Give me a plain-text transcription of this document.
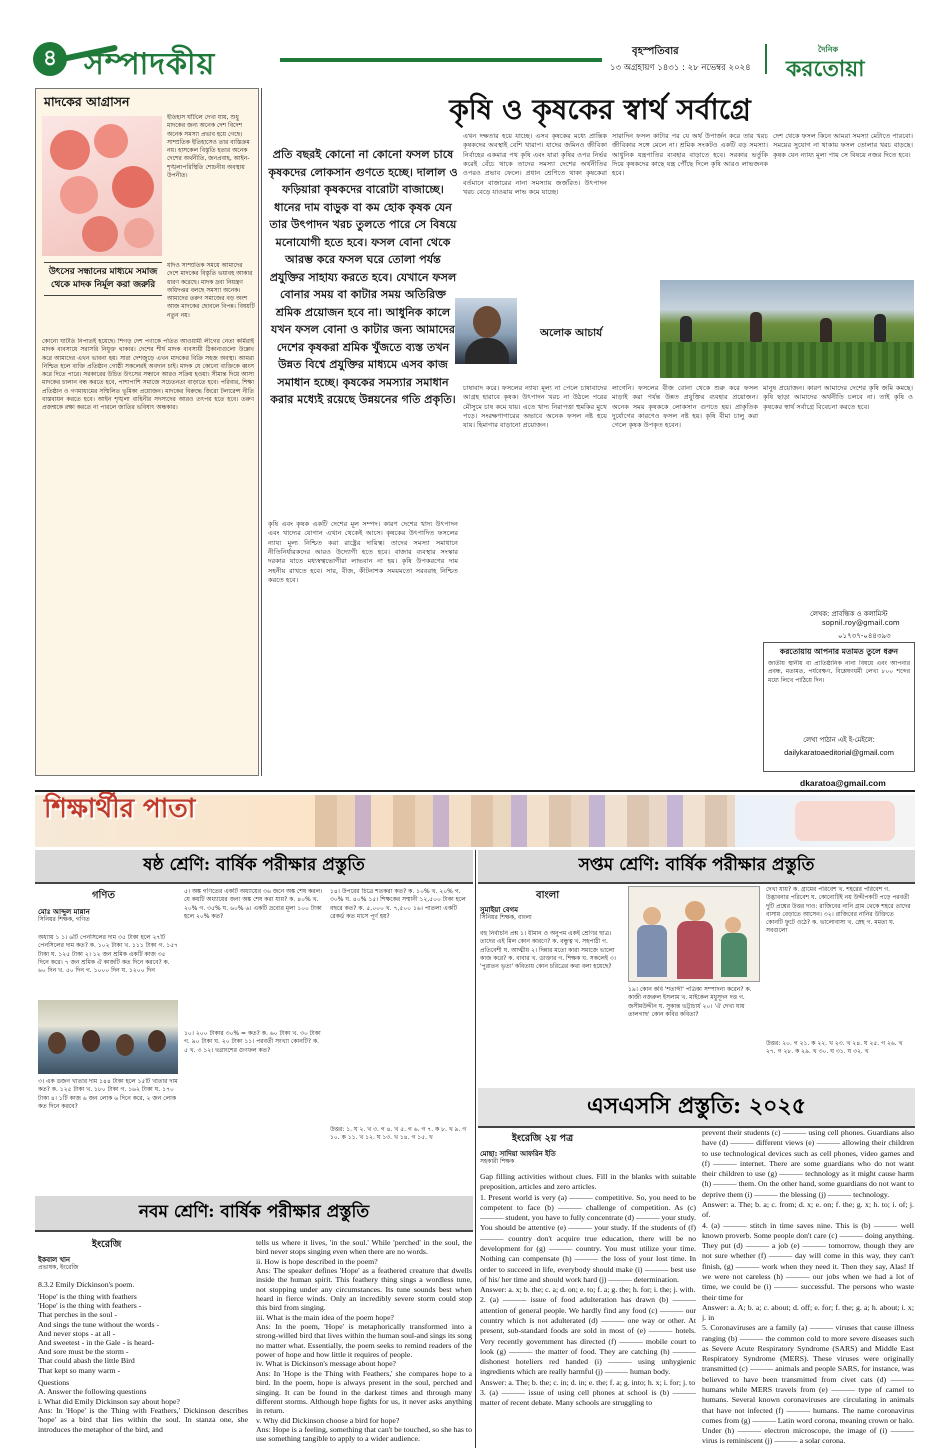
৪ সম্পাদকীয়	বৃহস্পতিবার
১৩ অগ্রহায়ণ ১৪৩১ : ২৮ নভেম্বর ২০২৪
দৈনিক
করতোয়া
মাদকের আগ্রাসন
ইতিহাস ঘাঁটলে দেখা যায়, শুধু মাদকের জন্য অনেক দেশ বিদেশ অনেক সমস্যা প্রভাব হয়ে গেছে। সাম্প্রতিক ইতিহাসেও তার বাস্তিক্রম নয়। হাসকেল বিস্তৃতি হতার অনেক দেশের অর্থনীতি, জনপ্রবাহ, আইন-শৃঙ্খলাপরিস্থিতি শোচনীয় অবস্থায় উপনীত।
উৎসের সন্ধানের মাধ্যমে সমাজ থেকে মাদক নির্মূল করা জরুরি
যদিও সাম্প্রতিক সময়ে আমাদের দেশে মাদকের বিস্তৃতি ভয়াবহ আকার ধারণ করেছে। মাদক দ্রব্য নিয়ন্ত্রণ অধিদপ্তর বলছে সমস্যা অনেক। আমাদের তরুণ সমাজের বড় অংশ আজ মাদকের ছোবলে বিপন্ন। বিষয়টি নতুন নয়।
কোনো ঘাটতি নিপাতই হয়েছে। শিগড় দেশ পণ্যকে পতিত আওয়ামী লীগের নেতা কর্মিরাই মাদক ব্যবসায়ে সরাসরি নিযুক্ত থাকার। দেশের শীর্ষ মাদক ব্যবসায়ী ঠিকানাগুলো উল্লেখ করে আমাদের এখন ভাবনা হয়। সারা দেশজুড়ে এখন মাদকের বিক্রি সহজ অবস্থা। আমরা নিশ্চিত হলে ব্যক্তি প্রতিষ্ঠান গোষ্ঠী সকলেরই অবদান চাই। মাদক যে কোনো ব্যক্তিকে ধ্বংস করে দিতে পারে। সরকারের উচিত উৎসের সন্ধানে আরও সক্রিয় হওয়া। সীমান্ত দিয়ে আসা মাদকের চালান বন্ধ করতে হবে, পাশাপাশি সমাজে সচেতনতা বাড়াতে হবে। পরিবার, শিক্ষা প্রতিষ্ঠান ও গণমাধ্যমের সম্মিলিত ভূমিকা প্রয়োজন। মাদকের বিরুদ্ধে জিরো টলারেন্স নীতি বাস্তবায়ন করতে হবে। আইন শৃঙ্খলা বাহিনীর সদস্যদের আরও তৎপর হতে হবে। তরুণ প্রজন্মকে রক্ষা করতে না পারলে জাতির ভবিষ্যৎ অন্ধকার।
কৃষি ও কৃষকের স্বার্থ সর্বাগ্রে
প্রতি বছরই কোনো না কোনো ফসল চাষে কৃষকদের লোকসান গুণতে হচ্ছে। দালাল ও ফড়িয়ারা কৃষকদের বারোটা বাজাচ্ছে। ধানের দাম বাড়ুক বা কম হোক কৃষক যেন তার উৎপাদন খরচ তুলতে পারে সে বিষয়ে মনোযোগী হতে হবে। ফসল বোনা থেকে আরম্ভ করে ফসল ঘরে তোলা পর্যন্ত প্রযুক্তির সাহায্য করতে হবে। যেখানে ফসল বোনার সময় বা কাটার সময় অতিরিক্ত শ্রমিক প্রয়োজন হবে না। আধুনিক কালে যখন ফসল বোনা ও কাটার জন্য আমাদের দেশের কৃষকরা শ্রমিক খুঁজতে ব্যস্ত তখন উন্নত বিশ্বে প্রযুক্তির মাধ্যমে এসব কাজ সমাধান হচ্ছে। কৃষকের সমস্যার সমাধান করার মধ্যেই রয়েছে উন্নয়নের গতি প্রকৃতি।
এখন দক্ষতার হয়ে যাচ্ছে। এসব কৃষকের মধ্যে প্রান্তিক কৃষকদের অবস্থাই বেশি খারাপ। যাদের জমিনও জীবিকা নির্বাহের একমাত্র পথ কৃষি এবং যারা কৃষির ওপর নির্ভর করেই বেঁচে থাকে তাদের সমস্যা দেশের অর্থনীতির ওপরও প্রভাব ফেলে। প্রধান শ্রেণিতে থাকা কৃষকেরা বর্তমানে বাজারের নানা সমস্যায় জর্জরিত। উৎপাদন খরচ বেড়ে যাওয়ায় লাভ কমে যাচ্ছে।
সারাদিন ফসল কাটার পর যে অর্থ উপার্জন করে তার খরচ জীবিকার সঙ্গে মেলে না। শ্রমিক সংকটও একটি বড় সমস্যা। আধুনিক যন্ত্রপাতির ব্যবহার বাড়াতে হবে। সরকার ভর্তুকি দিয়ে কৃষকদের কাছে যন্ত্র পৌঁছে দিলে কৃষি আরও লাভজনক হবে।
দেশ থেকে ফসল কিনে আমরা সমস্যা মেটাতে পারবো। সময়ের সুযোগ না থাকায় ফসল তোলার খরচ বাড়ছে। কৃষক যেন ন্যায্য মূল্য পায় সে বিষয়ে নজর দিতে হবে।
অলোক আচার্য
কৃষি এবং কৃষক একটি দেশের মূল সম্পদ। কারণ দেশের খাদ্য উৎপাদন এবং খাদ্যের যোগান এখান থেকেই আসে। কৃষকের উৎপাদিত ফসলের ন্যায্য মূল্য নিশ্চিত করা রাষ্ট্রের দায়িত্ব। তাদের সমস্যা সমাধানে নীতিনির্ধারকদের আরও উদ্যোগী হতে হবে। বাজার ব্যবস্থার সংস্কার দরকার যাতে মধ্যস্বত্বভোগীরা লাভবান না হয়। কৃষি উপকরণের দাম সহনীয় রাখতে হবে। সার, বীজ, কীটনাশক সময়মতো সরবরাহ নিশ্চিত করতে হবে।
চাষাবাদ করে। ফসলের ন্যায্য মূল্য না পেলে চাষাবাদের আগ্রহ হারাবে কৃষক। উৎপাদন খরচ না উঠলে পরের মৌসুমে চাষ কমে যায়। এতে খাদ্য নিরাপত্তা হুমকির মুখে পড়ে। সংরক্ষণাগারের অভাবে অনেক ফসল নষ্ট হয়ে যায়। হিমাগার বাড়ানো প্রয়োজন।
লাগেনি। ফসলের বীজ বোনা থেকে শুরু করে ফসল মাড়াই করা পর্যন্ত উন্নত প্রযুক্তির ব্যবহার প্রয়োজন। অনেক সময় কৃষককে লোকসান গুণতে হয়। প্রাকৃতিক দুর্যোগের কারণেও ফসল নষ্ট হয়। কৃষি বীমা চালু করা গেলে কৃষক উপকৃত হবেন।
মানুষ প্রয়োজন। কারণ আমাদের দেশের কৃষি জমি কমছে। কৃষি ছাড়া আমাদের অর্থনীতি চলবে না। তাই কৃষি ও কৃষকের স্বার্থ সর্বাগ্রে বিবেচনা করতে হবে।
লেখক: প্রাবন্ধিক ও কলামিস্ট
sopnil.roy@gmail.com
০১৭৩৭-০৪৪৩৯৩
করতোয়ায় আপনার মতামত তুলে ধরুন
জাতীয় স্থানীয় বা প্রাতিষ্ঠানিক নানা বিষয়ে এবং আপনার প্রবন্ধ, মতামত, পর্যবেক্ষণ, বিশ্লেষণধর্মী লেখা ৮০০ শব্দের মধ্যে লিখে পাঠিয়ে দিন।
লেখা পাঠান এই ই-মেইলে:
dailykaratoaeditorial@gmail.com
dkaratoa@gmail.com
শিক্ষার্থীর পাতা
ষষ্ঠ শ্রেণি: বার্ষিক পরীক্ষার প্রস্তুতি
গণিত
মোঃ আব্দুল মান্নান
সিনিয়র শিক্ষক, গণিত
অধ্যায় ১ ১। ৬টি পেনসিলের দাম ৩৫ টাকা হলে ২৭টি পেনসিলের দাম কত? ক. ১০২ টাকা খ. ১১১ টাকা গ. ১৫৭ টাকা ঘ. ১২৫ টাকা ২। ১২ জন শ্রমিক একটি কাজ ৩৫ দিনে করে। ৭ জন শ্রমিক ঐ কাজটি কত দিনে করবে? ক. ৬০ দিন খ. ৫০ দিন গ. ১০০০ দিন ঘ. ১২০০ দিন
৩। এক ডজন খাতার দাম ১৪৪ টাকা হলে ১৫টি খাতার দাম কত? ক. ১২৫ টাকা খ. ১৮০ টাকা গ. ১৬২ টাকা ঘ. ১৭০ টাকা ৪। ১টি কাজ ৬ জন লোক ৬ দিনে করে, ২ জন লোক কত দিনে করবে?
৫। অঙ্ক গণিতের একটি অধ্যায়ের ৩৬ জনে অঙ্ক শেষ করল। যে কয়টি অধ্যায়ের জন্য অঙ্ক শেষ করা যায়? ক. ৪০% খ. ২০% গ. ৩৫% ঘ. ৬০% ৬। একটি দ্রব্যের মূল্য ১০০ টাকা হলে ২০% কত?
১০। ২০০ টাকার ৩০% = কত? ক. ৬০ টাকা খ. ৩০ টাকা গ. ৯০ টাকা ঘ. ২০ টাকা ১১। পরবর্তী সংখ্যা কোনটি? ক. ৫ খ. ৩ ১২। ভগ্নাংশের গুণফল কত?
১৪। উপরের চিত্রে শতকরা কত? ক. ১০% খ. ২০% গ. ৩০% ঘ. ৪০% ১৫। শিক্ষকের সম্মানী ১২,৫০০ টাকা হলে বছরে কত? ক. ৫,০০০ খ. ৭,৫০০ ১৬। পাতলা একটি রেকর্ড কত মাসে পূর্ণ হয়?
উত্তর: ১. ঘ ২. খ ৩. গ ৪. খ ৫. গ ৬. গ ৭. ক ৮. খ ৯. গ ১০. ক ১১. খ ১২. ঘ ১৩. খ ১৪. গ ১৫. খ
সপ্তম শ্রেণি: বার্ষিক পরীক্ষার প্রস্তুতি
বাংলা
সুমাইয়া বেগম
সিনিয়র শিক্ষক, বাংলা
বহু নির্বাচনি প্রশ্ন ১। ধীমান ও অনুপম একই শ্রেণির ছাত্র। তাদের এই মিল কোন কারণে? ক. বন্ধুত্ব খ. সহপাঠী গ. প্রতিবেশী ঘ. আত্মীয় ২। দিন্নার মতো কারা সমাজে ভালো কাজ করে? ক. বাবার খ. ডাক্তার গ. শিক্ষক ঘ. সকলেই ৩। 'পুরাতন ভৃত্য' কবিতায় কোন চরিত্রের কথা বলা হয়েছে?
১৯। কোন কবি 'শতাব্দী' পত্রিকা সম্পাদনা করেন? ক. কাজী নজরুল ইসলাম খ. মাইকেল মধুসূদন দত্ত গ. জসীমউদ্দীন ঘ. সুকান্ত ভট্টাচার্য ২০। 'ঐ দেখা যায় তালগাছ' কোন কবির কবিতা?
দেখা যায়? ক. গ্রামের পরিবেশ খ. শহরের পরিবেশ গ. উদ্ভাবনার পরিবেশ ঘ. কোনোটিই নয় উদ্দীপকটি পড়ে পরবর্তী দুটি প্রশ্নের উত্তর দাও: রাজিবের নানি গ্রাম থেকে শহরে তাদের বাসায় বেড়াতে আসেন। ৩২। রাজিবের নানির উক্তিতে কোনটি ফুটে ওঠে? ক. ভালোবাসা খ. স্নেহ গ. মমতা ঘ. সবগুলো
উত্তর: ২০. গ ২১. ক ২২. খ ২৩. খ ২৪. ঘ ২৫. গ ২৬. খ ২৭. গ ২৮. ক ২৯. খ ৩০. ঘ ৩১. ঘ ৩২. খ
এসএসসি প্রস্তুতি: ২০২৫
ইংরেজি ২য় পত্র
মোছা: সাদিয়া আফরিন ইতি
সহকারী শিক্ষক
Gap filling activities without clues. Fill in the blanks with suitable preposition, articles and zero articles.
1. Present world is very (a) ——— competitive. So, you need to be competent to face (b) ——— challenge of competition. As (c) ——— student, you have to fully concentrate (d) ——— your study. You should be attentive (e) ——— your study. If the students of (f) ——— country don't acquire true education, there will be no development for (g) ——— country. You must utilize your time. Nothing can compensate (h) ——— the loss of your lost time. In order to succeed in life, everybody should make (i) ——— best use of his/ her time and should work hard (j) ——— determination.
Answer: a. x; b. the; c. a; d. on; e. to; f. a; g. the; h. for; i. the; j. with.
2. (a) ——— issue of food adulteration has drawn (b) ——— attention of general people. We hardly find any food (c) ——— our country which is not adulterated (d) ——— one way or other. At present, sub-standard foods are sold in most of (e) ——— hotels. Very recently government has directed (f) ——— mobile court to look (g) ——— the matter of food. They are catching (h) ——— dishonest hoteliers red handed (i) ——— using unhygienic ingredients which are really harmful (j) ——— human body.
Answer: a. The; b. the; c. in; d. in; e. the; f. a; g. into; h. x; i. for; j. to
3. (a) ——— issue of using cell phones at school is (b) ——— matter of recent debate. Many schools are struggling to
prevent their students (c) ——— using cell phones. Guardians also have (d) ——— different views (e) ——— allowing their children to use technological devices such as cell phones, video games and (f) ——— internet. There are some guardians who do not want their children to use (g) ——— technology as it might cause harm (h) ——— them. On the other hand, some guardians do not want to deprive them (i) ——— the blessing (j) ——— technology.
Answer: a. The; b. a; c. from; d. x; e. on; f. the; g. x; h. to; i. of; j. of.
4. (a) ——— stitch in time saves nine. This is (b) ——— well known proverb. Some people don't care (c) ——— doing anything. They put (d) ——— a job (e) ——— tomorrow, though they are not sure whether (f) ——— day will come in this way, they can't finish, (g) ——— work when they need it. Then they say, Alas! If we were not careless (h) ——— our jobs when we had a lot of time, we could be (i) ——— successful. The persons who waste their time for
Answer: a. A; b. a; c. about; d. off; e. for; f. the; g. a; h. about; i. x; j. in
5. Coronaviruses are a family (a) ——— viruses that cause illness ranging (b) ——— the common cold to more severe diseases such as Severe Acute Respiratory Syndrome (SARS) and Middle East Respiratory Syndrome (MERS). These viruses were originally transmitted (c) ——— animals and people SARS, for instance, was believed to have been transmitted from civet cats (d) ——— humans while MERS travels from (e) ——— type of camel to humans. Several known coronaviruses are circulating in animals that have not infected (f) ——— humans. The name coronavirus comes from (g) ——— Latin word corona, meaning crown or halo. Under (h) ——— electron microscope, the image of (i) ——— virus is reminiscent (j) ——— a solar corona.

নবম শ্রেণি: বার্ষিক পরীক্ষার প্রস্তুতি
ইংরেজি
ইকবাল খান
প্রভাষক, ইংরেজি
8.3.2 Emily Dickinson's poem.
'Hope' is the thing with feathers
'Hope' is the thing with feathers -
That perches in the soul -
And sings the tune without the words -
And never stops - at all -
And sweetest - in the Gale - is heard-
And sore must be the storm -
That could abash the little Bird
That kept so many warm -

Questions
A. Answer the following questions
i. What did Emily Dickinson say about hope?
Ans: In 'Hope' is the Thing with Feathers,' Dickinson describes 'hope' as a bird that lies within the soul. In stanza one, she introduces the metaphor of the bird, and
tells us where it lives, 'in the soul.' While 'perched' in the soul, the bird never stops singing even when there are no words.
ii. How is hope described in the poem?
Ans: The speaker defines 'Hope' as a feathered creature that dwells inside the human spirit. This feathery thing sings a wordless tune, not stopping under any circumstances. Its tune sounds best when heard in fierce winds. Only an incredibly severe storm could stop this bird from singing.
iii. What is the main idea of the poem hope?
Ans: In the poem, 'Hope' is metaphorically transformed into a strong-willed bird that lives within the human soul-and sings its song no matter what. Essentially, the poem seeks to remind readers of the power of hope and how little it requires of people.
iv. What is Dickinson's message about hope?
Ans: In 'Hope is the Thing with Feathers,' she compares hope to a bird. In the poem, hope is always present in the soul, perched and singing. It can be found in the darkest times and through many different storms. Although hope fights for us, it never asks anything in return.
v. Why did Dickinson choose a bird for hope?
Ans: Hope is a feeling, something that can't be touched, so she has to use something tangible to apply to a wider audience.
